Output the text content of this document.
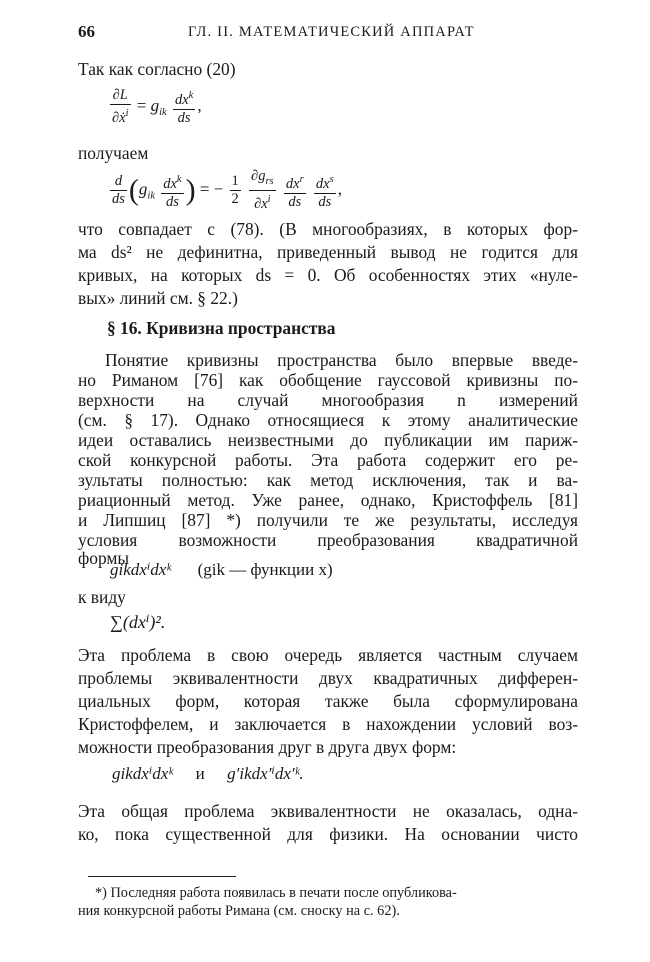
66	ГЛ. II. МАТЕМАТИЧЕСКИЙ АППАРАТ
Так как согласно (20)
$\frac{\partial L}{\partial ẋ^i} = g_{ik} \frac{dx^k}{ds}$ ,
получаем
$\frac{d}{ds} (g_{ik} \frac{dx^k}{ds}$ ) = − $\frac{1}{2}$
$\frac{\partial g_{rs}}{\partial x^i}$
$\frac{dx^r}{ds}$
$\frac{dx^s}{ds}$ ,
что совпадает с (78). (В многообразиях, в которых фор-
ма ds² не дефинитна, приведенный вывод не годится для
кривых, на которых ds = 0. Об особенностях этих «нуле-
вых» линий см. § 22.)
§ 16. Кривизна пространства
Понятие кривизны пространства было впервые введе-
но Риманом [76] как обобщение гауссовой кривизны по-
верхности на случай многообразия n измерений
(см. § 17). Однако относящиеся к этому аналитические
идеи оставались неизвестными до публикации им париж-
ской конкурсной работы. Эта работа содержит его ре-
зультаты полностью: как метод исключения, так и ва-
риационный метод. Уже ранее, однако, Кристоффель [81]
и Липшиц [87] *) получили те же результаты, исследуя
условия возможности преобразования квадратичной
формы
gikdxⁱdxᵏ (gik — функции x)
к виду
∑(dxⁱ)².
Эта проблема в свою очередь является частным случаем
проблемы эквивалентности двух квадратичных дифферен-
циальных форм, которая также была сформулирована
Кристоффелем, и заключается в нахождении условий воз-
можности преобразования друг в друга двух форм:
gikdxⁱdxᵏ и g′ikdx′ⁱdx′ᵏ.
*) Последняя работа появилась в печати после опубликова-
ния конкурсной работы Римана (см. сноску на с. 62).
Эта общая проблема эквивалентности не оказалась, одна-
ко, пока существенной для физики. На основании чисто
